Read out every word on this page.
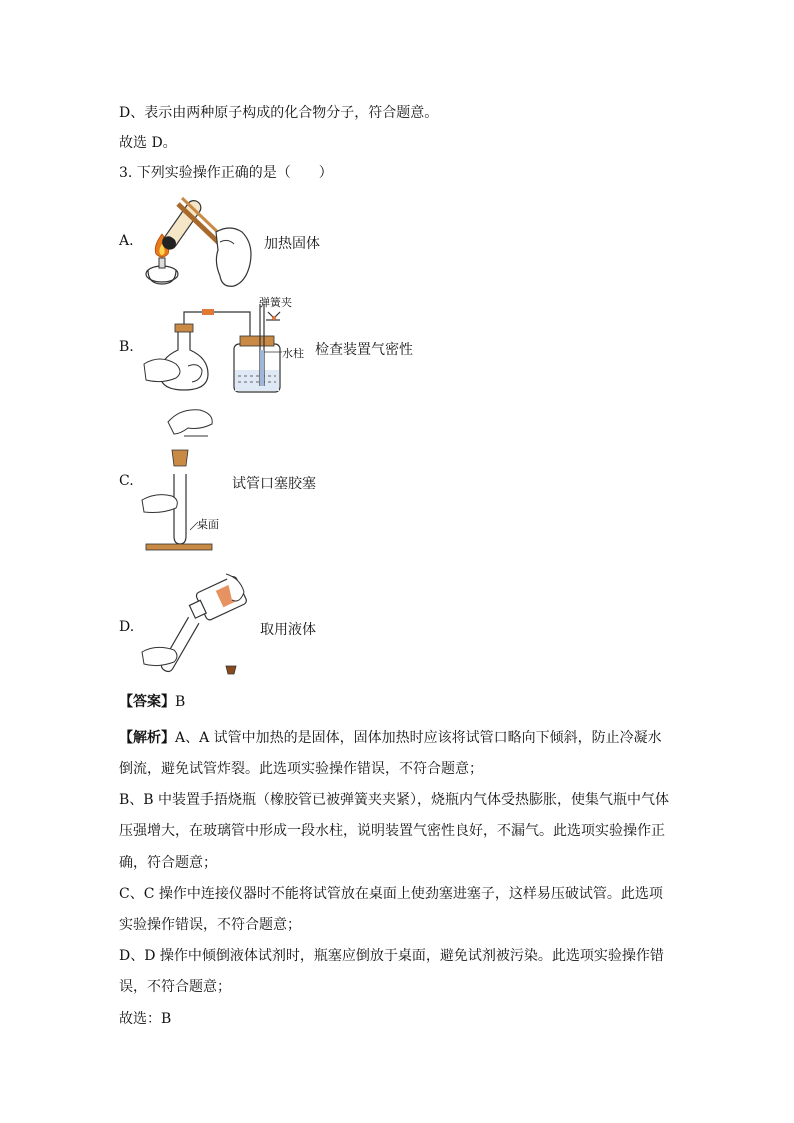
D、表示由两种原子构成的化合物分子，符合题意。
故选 D。
3. 下列实验操作正确的是（　　）
A.	加热固体
B.
弹簧夹
水柱 检查装置气密性
C.
桌面
试管口塞胶塞
D.	取用液体
【答案】B
【解析】A、A 试管中加热的是固体，固体加热时应该将试管口略向下倾斜，防止冷凝水
倒流，避免试管炸裂。此选项实验操作错误，不符合题意；
B、B 中装置手捂烧瓶（橡胶管已被弹簧夹夹紧），烧瓶内气体受热膨胀，使集气瓶中气体
压强增大，在玻璃管中形成一段水柱，说明装置气密性良好，不漏气。此选项实验操作正
确，符合题意；
C、C 操作中连接仪器时不能将试管放在桌面上使劲塞进塞子，这样易压破试管。此选项
实验操作错误，不符合题意；
D、D 操作中倾倒液体试剂时，瓶塞应倒放于桌面，避免试剂被污染。此选项实验操作错
误，不符合题意；
故选：B
